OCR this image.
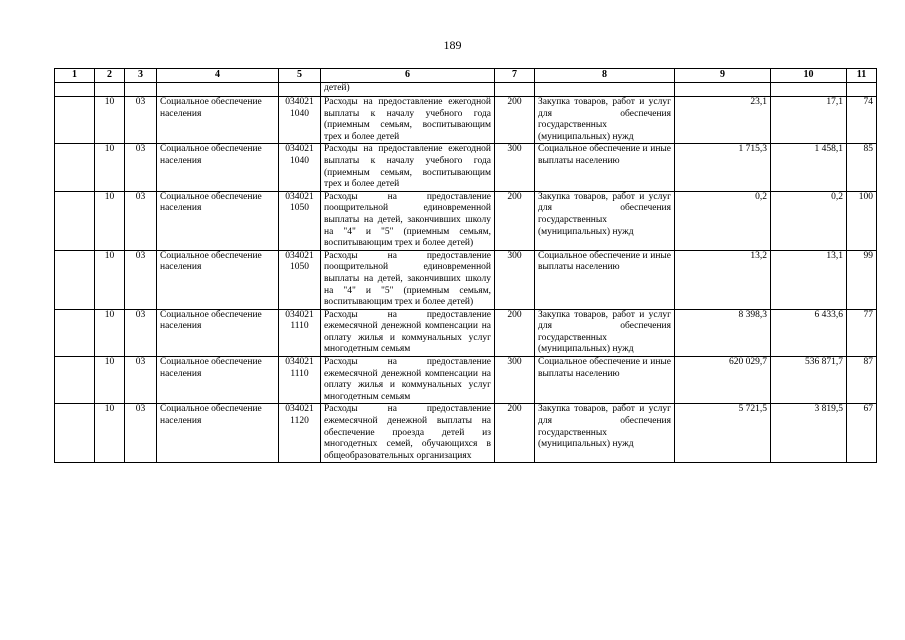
189
1	2	3	4	5	6	7	8	9	10	11
					детей)					
	10	03	Социальное обеспечение населения	034021 1040	Расходы на предоставление ежегодной выплаты к началу учебного года (приемным семьям, воспитывающим трех и более детей	200	Закупка товаров, работ и услуг для обеспечения государственных (муниципальных) нужд	23,1	17,1	74
	10	03	Социальное обеспечение населения	034021 1040	Расходы на предоставление ежегодной выплаты к началу учебного года (приемным семьям, воспитывающим трех и более детей	300	Социальное обеспечение и иные выплаты населению	1 715,3	1 458,1	85
	10	03	Социальное обеспечение населения	034021 1050	Расходы на предоставление поощрительной единовременной выплаты на детей, закончивших школу на "4" и "5" (приемным семьям, воспитывающим трех и более детей)	200	Закупка товаров, работ и услуг для обеспечения государственных (муниципальных) нужд	0,2	0,2	100
	10	03	Социальное обеспечение населения	034021 1050	Расходы на предоставление поощрительной единовременной выплаты на детей, закончивших школу на "4" и "5" (приемным семьям, воспитывающим трех и более детей)	300	Социальное обеспечение и иные выплаты населению	13,2	13,1	99
	10	03	Социальное обеспечение населения	034021 1110	Расходы на предоставление ежемесячной денежной компенсации на оплату жилья и коммунальных услуг многодетным семьям	200	Закупка товаров, работ и услуг для обеспечения государственных (муниципальных) нужд	8 398,3	6 433,6	77
	10	03	Социальное обеспечение населения	034021 1110	Расходы на предоставление ежемесячной денежной компенсации на оплату жилья и коммунальных услуг многодетным семьям	300	Социальное обеспечение и иные выплаты населению	620 029,7	536 871,7	87
	10	03	Социальное обеспечение населения	034021 1120	Расходы на предоставление ежемесячной денежной выплаты на обеспечение проезда детей из многодетных семей, обучающихся в общеобразовательных организациях	200	Закупка товаров, работ и услуг для обеспечения государственных (муниципальных) нужд	5 721,5	3 819,5	67
